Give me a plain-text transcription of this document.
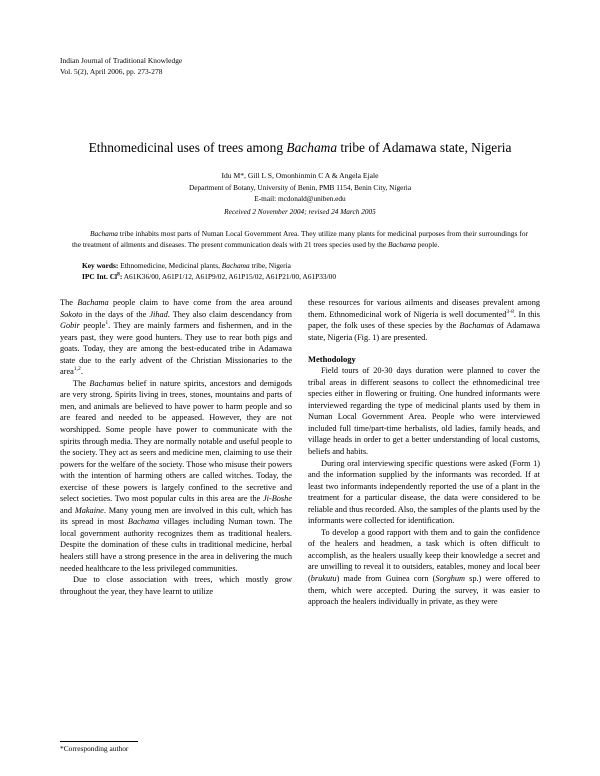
Indian Journal of Traditional Knowledge
Vol. 5(2), April 2006, pp. 273-278
Ethnomedicinal uses of trees among Bachama tribe of Adamawa state, Nigeria
Idu M*, Gill L S, Omonhinmin C A & Angela Ejale
Department of Botany, University of Benin, PMB 1154, Benin City, Nigeria
E-mail: mcdonald@uniben.edu
Received 2 November 2004; revised 24 March 2005
Bachama tribe inhabits most parts of Numan Local Government Area. They utilize many plants for medicinal purposes from their surroundings for the treatment of ailments and diseases. The present communication deals with 21 trees species used by the Bachama people.
Key words: Ethnomedicine, Medicinal plants, Bachama tribe, Nigeria
IPC Int. Cl$^8$: A61K36/00, A61P1/12, A61P9/02, A61P15/02, A61P21/00, A61P33/00

The Bachama people claim to have come from the area around Sokoto in the days of the Jihad. They also claim descendancy from Gobir people$^1$. They are mainly farmers and fishermen, and in the years past, they were good hunters. They use to rear both pigs and goats. Today, they are among the best-educated tribe in Adamawa state due to the early advent of the Christian Missionaries to the area$^{1,2}$.

The Bachamas belief in nature spirits, ancestors and demigods are very strong. Spirits living in trees, stones, mountains and parts of men, and animals are believed to have power to harm people and so are feared and needed to be appeased. However, they are not worshipped. Some people have power to communicate with the spirits through media. They are normally notable and useful people to the society. They act as seers and medicine men, claiming to use their powers for the welfare of the society. Those who misuse their powers with the intention of harming others are called witches. Today, the exercise of these powers is largely confined to the secretive and select societies. Two most popular cults in this area are the Ji-Boshe and Makaine. Many young men are involved in this cult, which has its spread in most Bachama villages including Numan town. The local government authority recognizes them as traditional healers. Despite the domination of these cults in traditional medicine, herbal healers still have a strong presence in the area in delivering the much needed healthcare to the less privileged communities.

Due to close association with trees, which mostly grow throughout the year, they have learnt to utilize

these resources for various ailments and diseases prevalent among them. Ethnomedicinal work of Nigeria is well documented$^{3-8}$. In this paper, the folk uses of these species by the Bachamas of Adamawa state, Nigeria (Fig. 1) are presented.

Methodology

Field tours of 20-30 days duration were planned to cover the tribal areas in different seasons to collect the ethnomedicinal tree species either in flowering or fruiting. One hundred informants were interviewed regarding the type of medicinal plants used by them in Numan Local Government Area. People who were interviewed included full time/part-time herbalists, old ladies, family heads, and village heads in order to get a better understanding of local customs, beliefs and habits.

During oral interviewing specific questions were asked (Form 1) and the information supplied by the informants was recorded. If at least two informants independently reported the use of a plant in the treatment for a particular disease, the data were considered to be reliable and thus recorded. Also, the samples of the plants used by the informants were collected for identification.

To develop a good rapport with them and to gain the confidence of the healers and headmen, a task which is often difficult to accomplish, as the healers usually keep their knowledge a secret and are unwilling to reveal it to outsiders, eatables, money and local beer (brukutu) made from Guinea corn (Sorghum sp.) were offered to them, which were accepted. During the survey, it was easier to approach the healers individually in private, as they were

*Corresponding author
